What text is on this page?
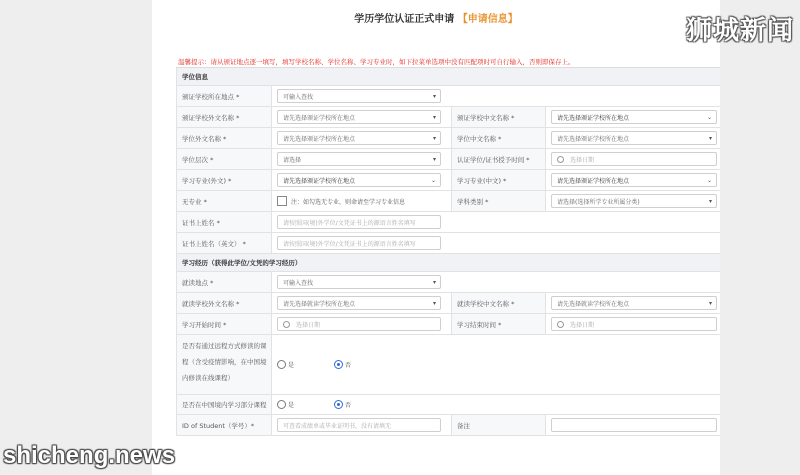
学历学位认证正式申请 【申请信息】
温馨提示：请从颁证地点逐一填写，填写学校名称、学位名称、学习专业时，如下拉菜单选项中没有匹配项时可自行输入，否则即保存上。
学位信息
颁证学校所在地点 *	可输入查找	▾
颁证学校外文名称 *	请先选择颁证学校所在地点	▾	颁证学校中文名称 *	请先选择颁证学校所在地点	⌄
学位外文名称 *	请先选择颁证学校所在地点	▾	学位中文名称 *	请先选择颁证学校所在地点	▾
学位层次 *	请选择	▾	认证学位/证书授予时间 *	选择日期
学习专业(外文) *	请先选择颁证学校所在地点	⌄	学习专业(中文) *	请先选择颁证学校所在地点	⌄
无专业 *	注：如勾选无专业，则命请至学习专业信息	学科类别 *	请选择(选择所学专业所属分类)	▾
证书上姓名 *	请按照国(境)外学位/文凭证书上的源语言姓名填写
证书上姓名（英文） *	请按照国(境)外学位/文凭证书上的源语言姓名填写
学习经历（获得此学位/文凭的学习经历）
就读地点 *	可输入查找	▾
就读学校外文名称 *	请先选择就读学校所在地点	▾	就读学校中文名称 *	请先选择就读学校所在地点	▾
学习开始时间 *	选择日期	学习结束时间 *	选择日期
是否有通过远程方式修读的课程（含受疫情影响，在中国境内修读在线课程）
是	否
是否在中国境内学习部分课程	是	否
ID of Student（学号）*	可查看成绩单或毕业证明书，没有请填无	备注
狮城新闻
shicheng.news
